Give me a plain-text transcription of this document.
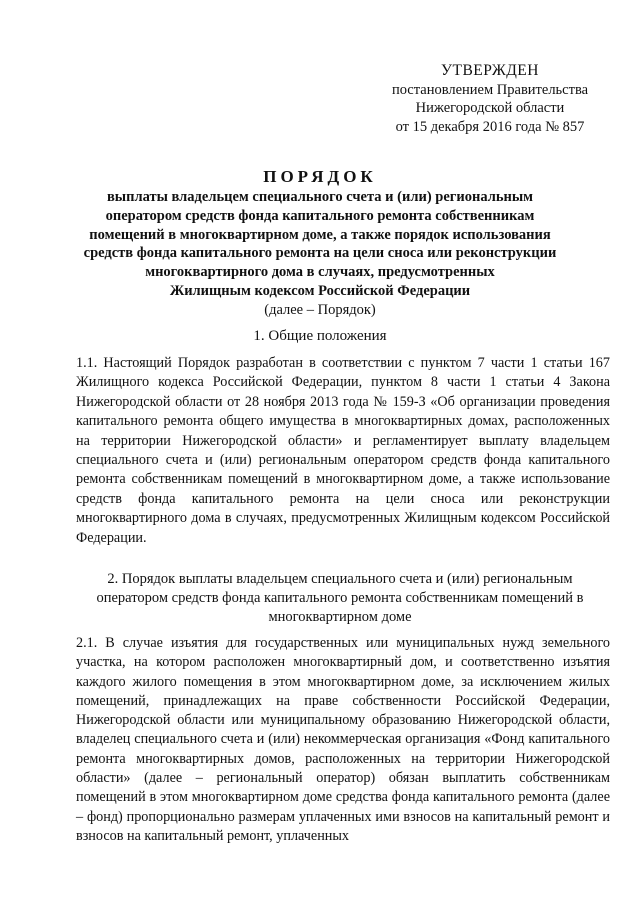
УТВЕРЖДЕН
постановлением Правительства
Нижегородской области
от 15 декабря 2016 года № 857
ПОРЯДОК

выплаты владельцем специального счета и (или) региональным

оператором средств фонда капитального ремонта собственникам

помещений в многоквартирном доме, а также порядок использования

средств фонда капитального ремонта на цели сноса или реконструкции

многоквартирного дома в случаях, предусмотренных

Жилищным кодексом Российской Федерации

(далее – Порядок)

1. Общие положения

1.1. Настоящий Порядок разработан в соответствии с пунктом 7 части 1 статьи 167 Жилищного кодекса Российской Федерации, пунктом 8 части 1 статьи 4 Закона Нижегородской области от 28 ноября 2013 года № 159-З «Об организации проведения капитального ремонта общего имущества в многоквартирных домах, расположенных на территории Нижегородской области» и регламентирует выплату владельцем специального счета и (или) региональным оператором средств фонда капитального ремонта собственникам помещений в многоквартирном доме, а также использование средств фонда капитального ремонта на цели сноса или реконструкции многоквартирного дома в случаях, предусмотренных Жилищным кодексом Российской Федерации.

2. Порядок выплаты владельцем специального счета и (или) региональным
оператором средств фонда капитального ремонта собственникам помещений в
многоквартирном доме

2.1. В случае изъятия для государственных или муниципальных нужд земельного участка, на котором расположен многоквартирный дом, и соответственно изъятия каждого жилого помещения в этом многоквартирном доме, за исключением жилых помещений, принадлежащих на праве собственности Российской Федерации, Нижегородской области или муниципальному образованию Нижегородской области, владелец специального счета и (или) некоммерческая организация «Фонд капитального ремонта многоквартирных домов, расположенных на территории Нижегородской области» (далее – региональный оператор) обязан выплатить собственникам помещений в этом многоквартирном доме средства фонда капитального ремонта (далее – фонд) пропорционально размерам уплаченных ими взносов на капитальный ремонт и взносов на капитальный ремонт, уплаченных
